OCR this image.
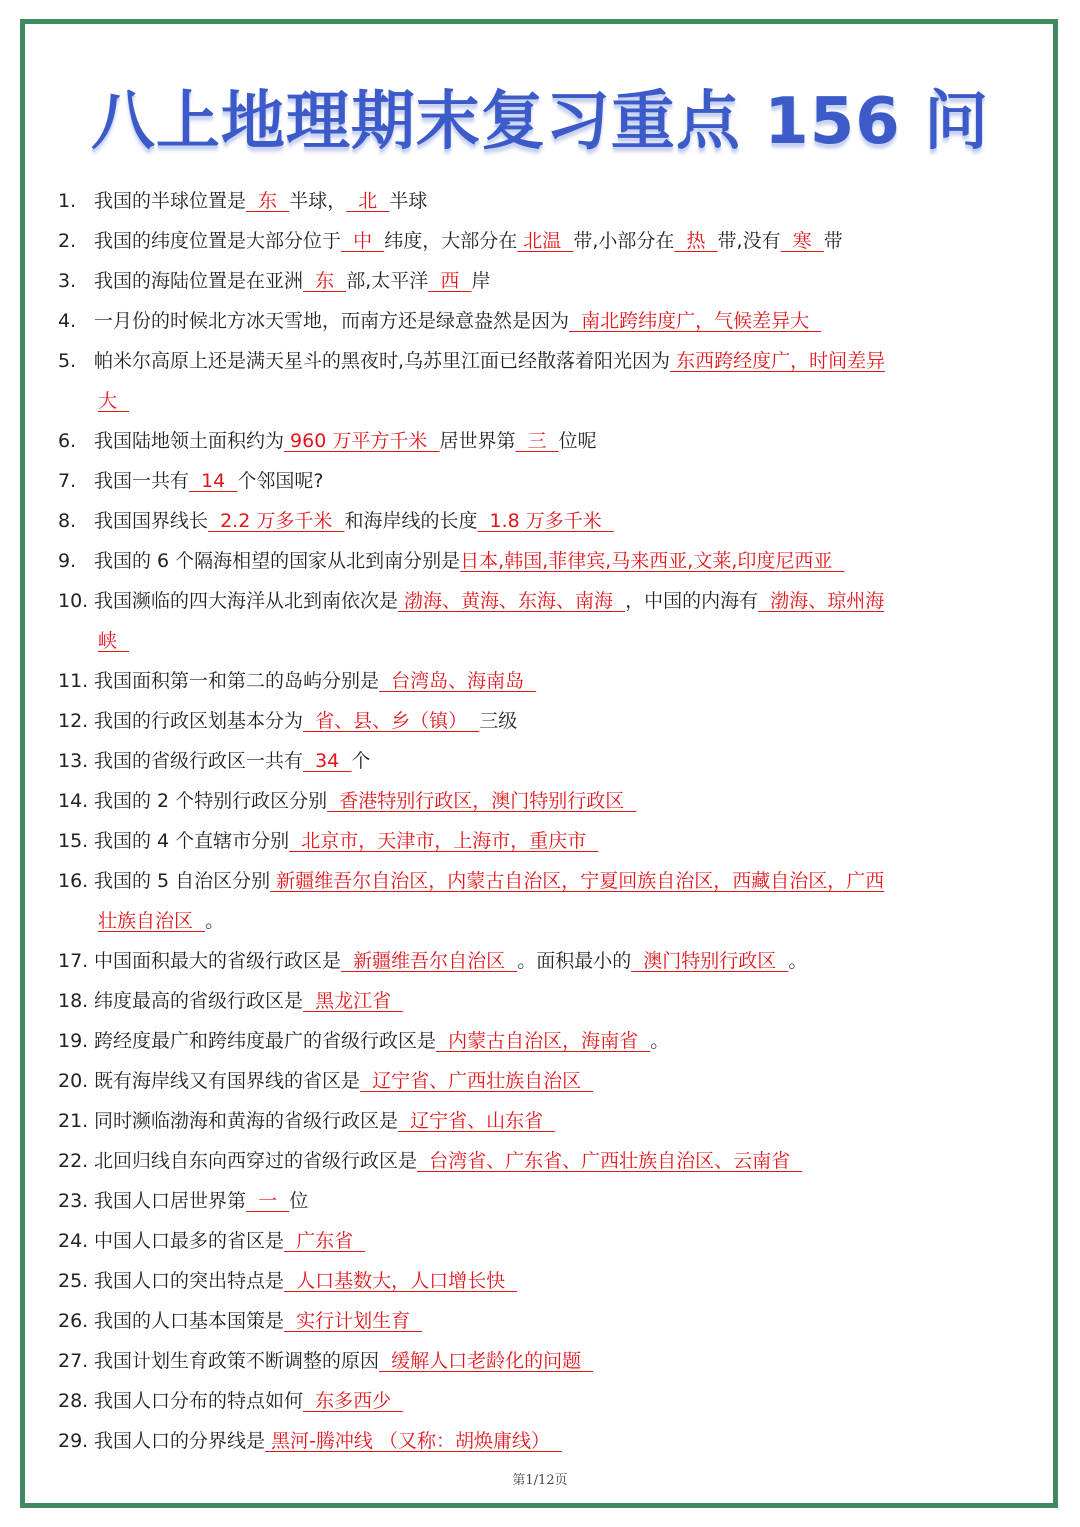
八上地理期末复习重点 156 问
1. 我国的半球位置是  东  半球，  北  半球
2. 我国的纬度位置是大部分位于  中  纬度，大部分在 北温  带,小部分在  热  带,没有  寒  带
3. 我国的海陆位置是在亚洲  东  部,太平洋  西  岸
4. 一月份的时候北方冰天雪地，而南方还是绿意盎然是因为  南北跨纬度广，气候差异大
5. 帕米尔高原上还是满天星斗的黑夜时,乌苏里江面已经散落着阳光因为 东西跨经度广，时间差异
大
6. 我国陆地领土面积约为 960 万平方千米  居世界第  三  位呢
7. 我国一共有  14  个邻国呢?
8. 我国国界线长  2.2 万多千米  和海岸线的长度  1.8 万多千米
9. 我国的 6 个隔海相望的国家从北到南分别是日本,韩国,菲律宾,马来西亚,文莱,印度尼西亚
10. 我国濒临的四大海洋从北到南依次是 渤海、黄海、东海、南海  ，中国的内海有  渤海、琼州海
峡
11. 我国面积第一和第二的岛屿分别是  台湾岛、海南岛
12. 我国的行政区划基本分为  省、县、乡（镇）  三级
13. 我国的省级行政区一共有  34  个
14. 我国的 2 个特别行政区分别  香港特别行政区，澳门特别行政区
15. 我国的 4 个直辖市分别  北京市，天津市，上海市，重庆市
16. 我国的 5 自治区分别 新疆维吾尔自治区，内蒙古自治区，宁夏回族自治区，西藏自治区，广西
壮族自治区  。
17. 中国面积最大的省级行政区是  新疆维吾尔自治区  。面积最小的  澳门特别行政区  。
18. 纬度最高的省级行政区是  黑龙江省
19. 跨经度最广和跨纬度最广的省级行政区是  内蒙古自治区，海南省  。
20. 既有海岸线又有国界线的省区是  辽宁省、广西壮族自治区
21. 同时濒临渤海和黄海的省级行政区是  辽宁省、山东省
22. 北回归线自东向西穿过的省级行政区是  台湾省、广东省、广西壮族自治区、云南省
23. 我国人口居世界第  一  位
24. 中国人口最多的省区是  广东省
25. 我国人口的突出特点是  人口基数大，人口增长快
26. 我国的人口基本国策是  实行计划生育
27. 我国计划生育政策不断调整的原因  缓解人口老龄化的问题
28. 我国人口分布的特点如何  东多西少
29. 我国人口的分界线是 黑河-腾冲线 （又称：胡焕庸线）
第1/12页
